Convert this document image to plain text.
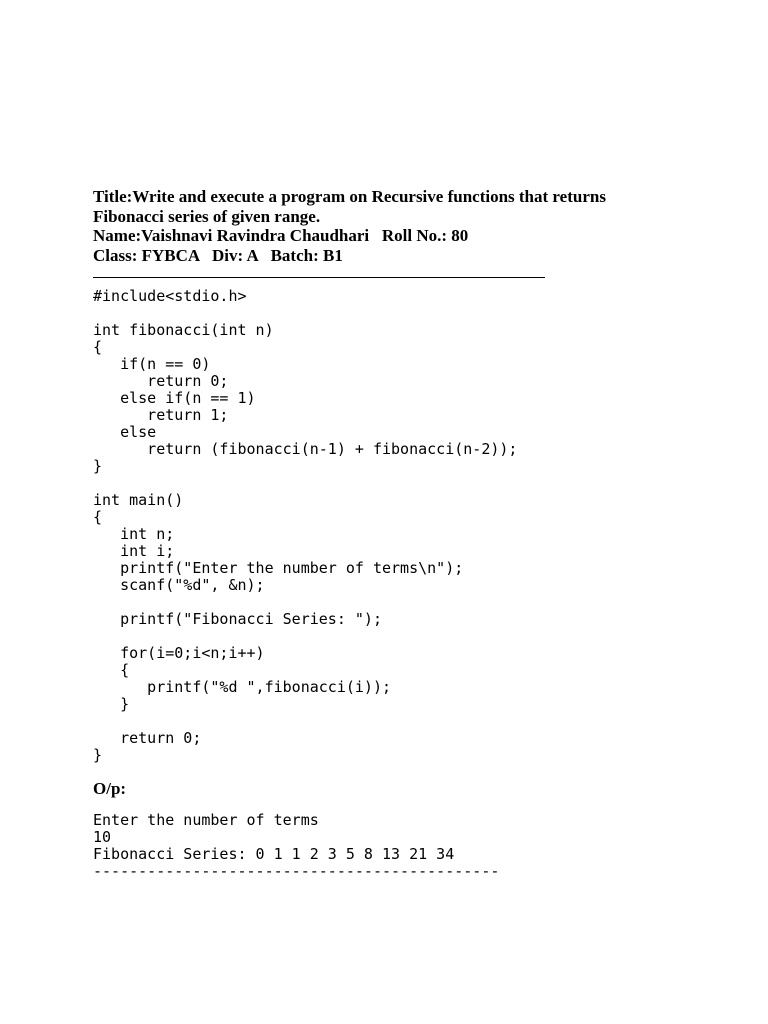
Title:Write and execute a program on Recursive functions that returns

Fibonacci series of given range.

Name:Vaishnavi Ravindra Chaudhari   Roll No.: 80

Class: FYBCA   Div: A   Batch: B1

#include<stdio.h>

int fibonacci(int n)
{
if(n == 0)
return 0;
else if(n == 1)
return 1;
else
return (fibonacci(n-1) + fibonacci(n-2));
}

int main()
{
int n;
int i;
printf("Enter the number of terms\n");
scanf("%d", &n);

printf("Fibonacci Series: ");

for(i=0;i<n;i++)
{
printf("%d ",fibonacci(i));
}

return 0;
}

O/p:

Enter the number of terms
10
Fibonacci Series: 0 1 1 2 3 5 8 13 21 34
---------------------------------------------
